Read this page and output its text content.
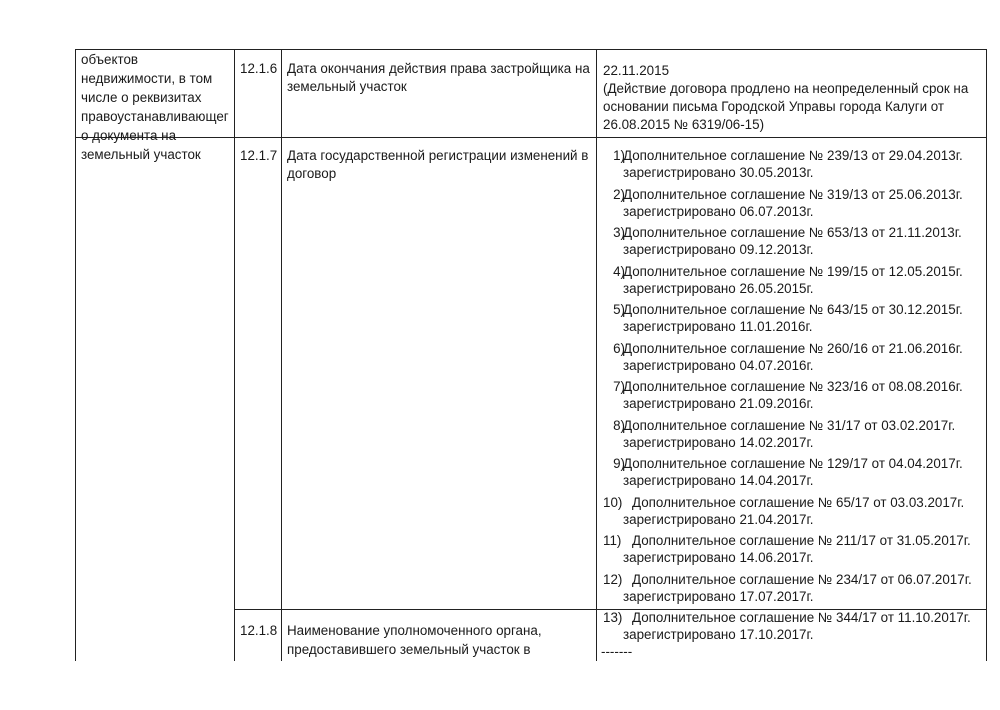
объектов
недвижимости, в том
числе о реквизитах
правоустанавливающег
о документа на
земельный участок
12.1.6 Дата окончания действия права застройщика на
земельный участок
22.11.2015
(Действие договора продлено на неопределенный срок на
основании письма Городской Управы города Калуги от
26.08.2015 № 6319/06-15)
12.1.7 Дата государственной регистрации изменений в
договор
1)
Дополнительное соглашение № 239/13 от 29.04.2013г.
зарегистрировано 30.05.2013г.
2)
Дополнительное соглашение № 319/13 от 25.06.2013г.
зарегистрировано 06.07.2013г.
3)
Дополнительное соглашение № 653/13 от 21.11.2013г.
зарегистрировано 09.12.2013г.
4)
Дополнительное соглашение № 199/15 от 12.05.2015г.
зарегистрировано 26.05.2015г.
5)
Дополнительное соглашение № 643/15 от 30.12.2015г.
зарегистрировано 11.01.2016г.
6)
Дополнительное соглашение № 260/16 от 21.06.2016г.
зарегистрировано 04.07.2016г.
7)
Дополнительное соглашение № 323/16 от 08.08.2016г.
зарегистрировано 21.09.2016г.
8)
Дополнительное соглашение № 31/17 от 03.02.2017г.
зарегистрировано 14.02.2017г.
9)
Дополнительное соглашение № 129/17 от 04.04.2017г.
зарегистрировано 14.04.2017г.
10) Дополнительное соглашение № 65/17 от 03.03.2017г.
зарегистрировано 21.04.2017г.
11) Дополнительное соглашение № 211/17 от 31.05.2017г.
зарегистрировано 14.06.2017г.
12) Дополнительное соглашение № 234/17 от 06.07.2017г.
зарегистрировано 17.07.2017г.
13) Дополнительное соглашение № 344/17 от 11.10.2017г.
зарегистрировано 17.10.2017г.
12.1.8 Наименование уполномоченного органа,
предоставившего земельный участок в	-------
